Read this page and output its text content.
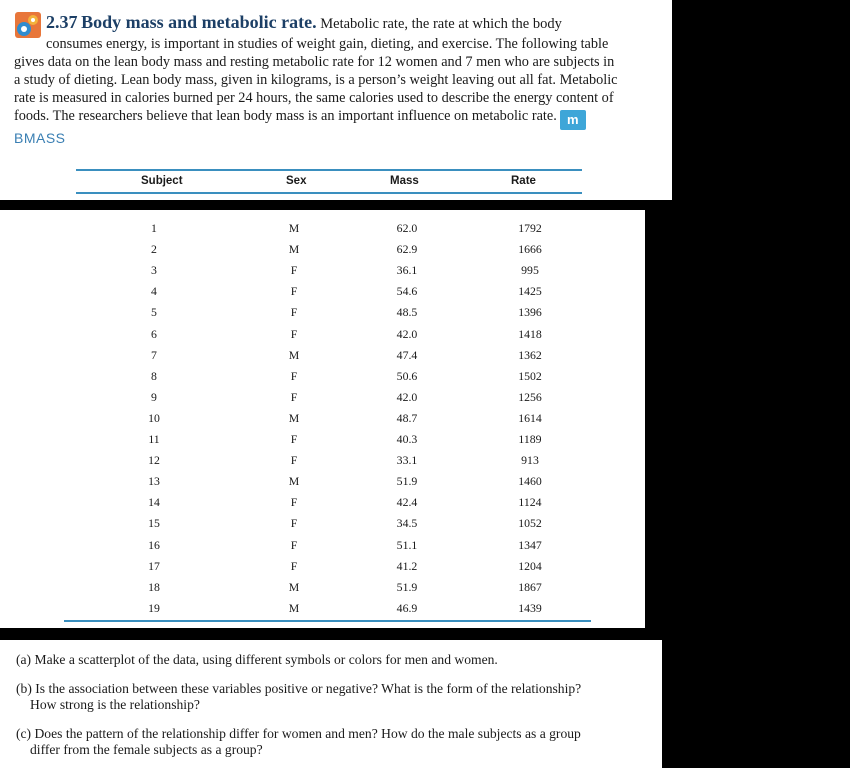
2.37 Body mass and metabolic rate. Metabolic rate, the rate at which the body
consumes energy, is important in studies of weight gain, dieting, and exercise. The following table
gives data on the lean body mass and resting metabolic rate for 12 women and 7 men who are subjects in
a study of dieting. Lean body mass, given in kilograms, is a person’s weight leaving out all fat. Metabolic
rate is measured in calories burned per 24 hours, the same calories used to describe the energy content of
foods. The researchers believe that lean body mass is an important influence on metabolic rate. m
BMASS
Subject	Sex	Mass	Rate
1	M	62.0	1792
2	M	62.9	1666
3	F	36.1	995
4	F	54.6	1425
5	F	48.5	1396
6	F	42.0	1418
7	M	47.4	1362
8	F	50.6	1502
9	F	42.0	1256
10	M	48.7	1614
11	F	40.3	1189
12	F	33.1	913
13	M	51.9	1460
14	F	42.4	1124
15	F	34.5	1052
16	F	51.1	1347
17	F	41.2	1204
18	M	51.9	1867
19	M	46.9	1439
(a) Make a scatterplot of the data, using different symbols or colors for men and women.
(b) Is the association between these variables positive or negative? What is the form of the relationship?
How strong is the relationship?
(c) Does the pattern of the relationship differ for women and men? How do the male subjects as a group
differ from the female subjects as a group?
